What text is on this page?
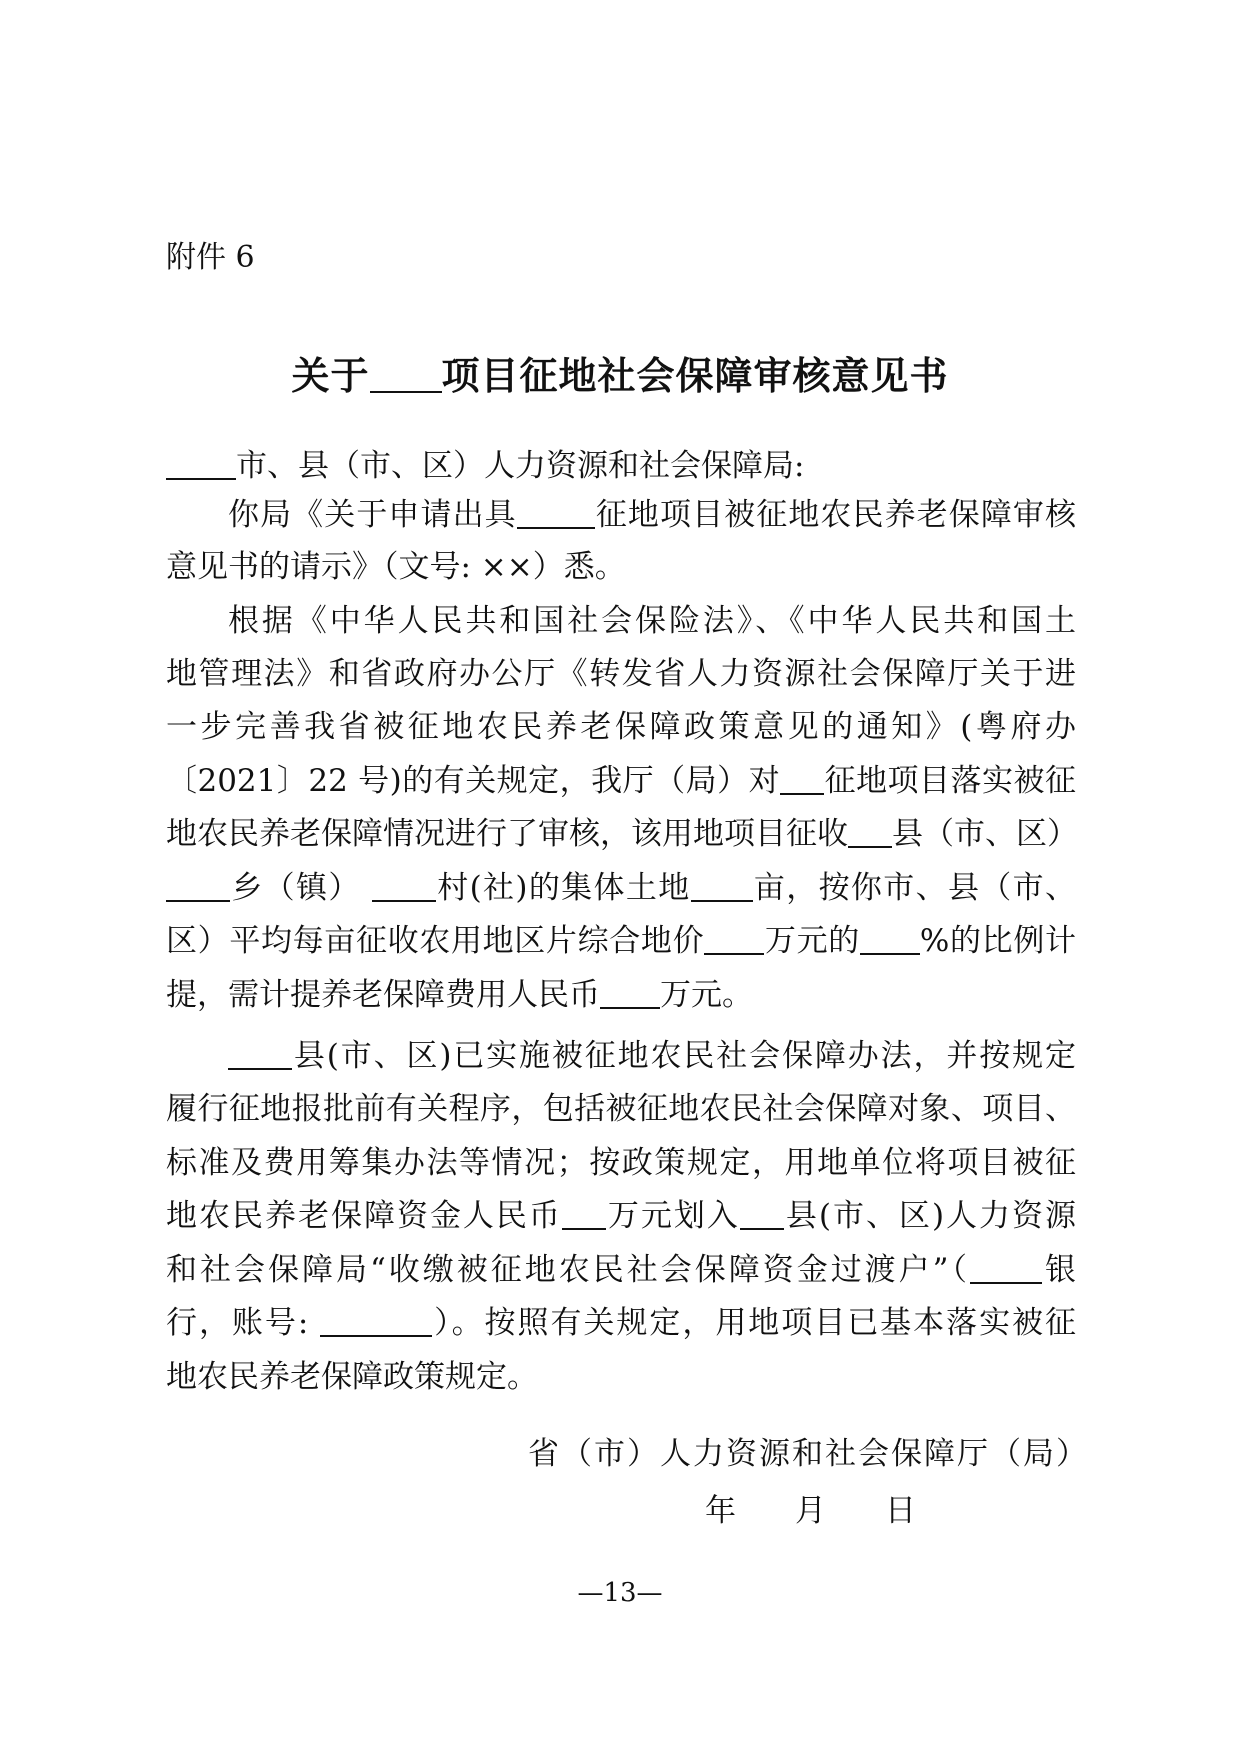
附件 6
关于 项目征地社会保障审核意见书
市、县（市、区）人力资源和社会保障局:
你局《关于申请出具	征地项目被征地农民养老保障审核
意见书的请示》（文号: ××）悉。
根据《中华人民共和国社会保险法》、《中华人民共和国土
地管理法》和省政府办公厅《转发省人力资源社会保障厅关于进
一步完善我省被征地农民养老保障政策意见的通知》(粤府办
〔2021〕22 号)的有关规定，我厅（局）对 征地项目落实被征
地农民养老保障情况进行了审核，该用地项目征收 县（市、区）
乡（镇） 村(社)的集体土地 亩，按你市、县（市、
区）平均每亩征收农用地区片综合地价 万元的 %的比例计
提，需计提养老保障费用人民币 万元。
县(市、区)已实施被征地农民社会保障办法，并按规定
履行征地报批前有关程序，包括被征地农民社会保障对象、项目、
标准及费用筹集办法等情况；按政策规定，用地单位将项目被征
地农民养老保障资金人民币 万元划入 县(市、区)人力资源
和社会保障局“收缴被征地农民社会保障资金过渡户”（ 银
行，账号:	）。按照有关规定，用地项目已基本落实被征
地农民养老保障政策规定。
省（市）人力资源和社会保障厅（局）
年 月 日
—13—
